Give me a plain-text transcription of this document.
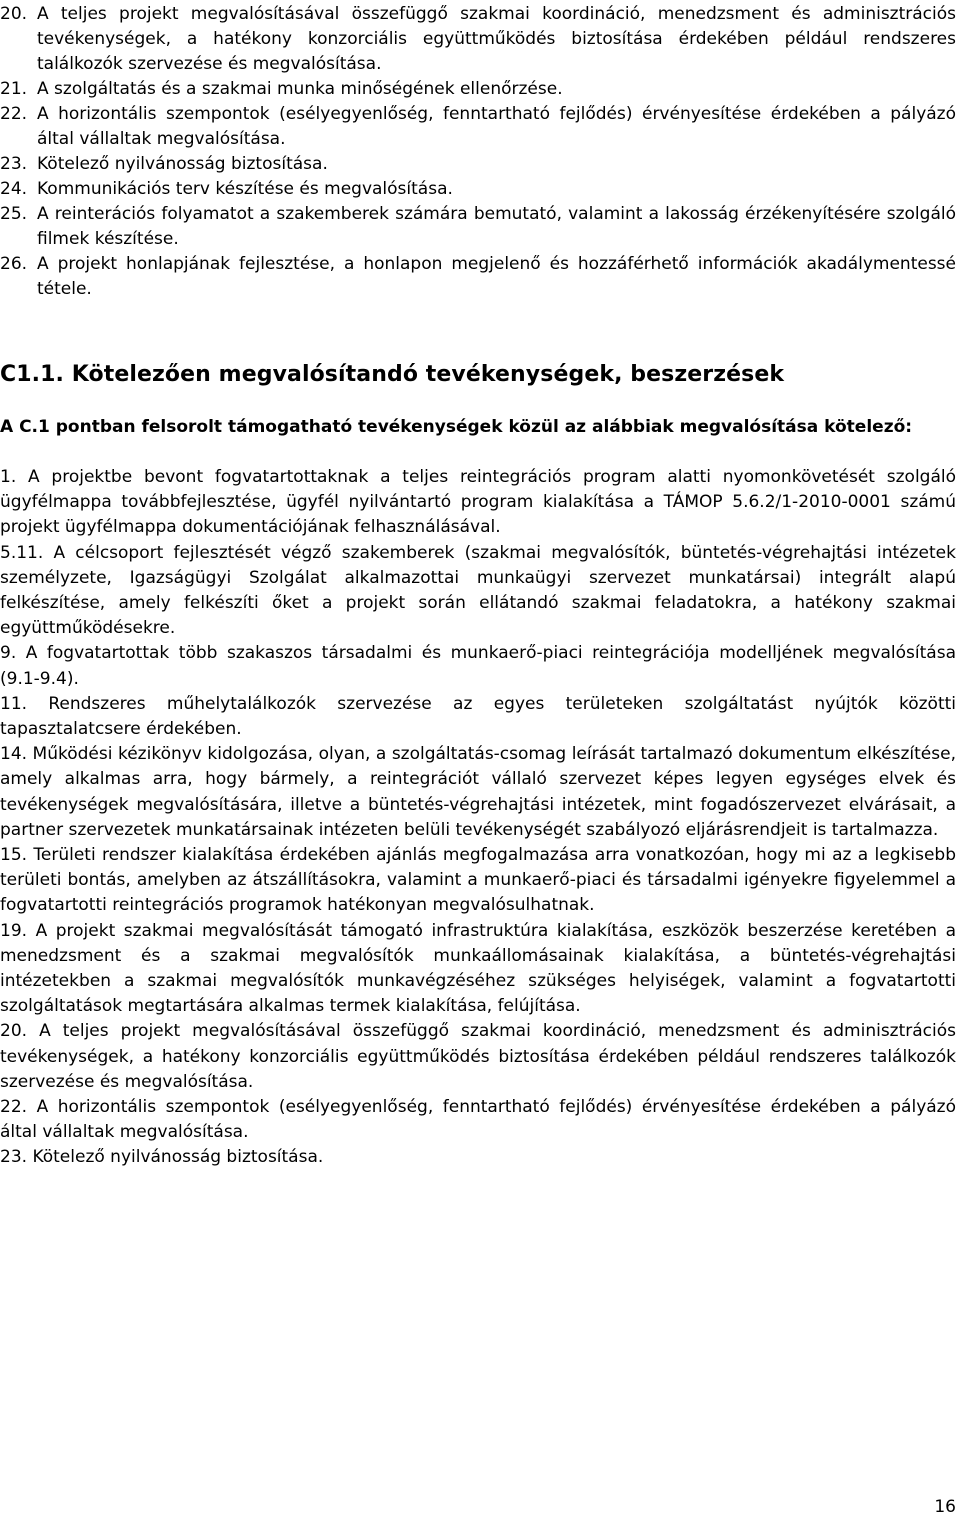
20. A teljes projekt megvalósításával összefüggő szakmai koordináció, menedzsment és adminisztrációs tevékenységek, a hatékony konzorciális együttműködés biztosítása érdekében például rendszeres találkozók szervezése és megvalósítása.

21. A szolgáltatás és a szakmai munka minőségének ellenőrzése.

22. A horizontális szempontok (esélyegyenlőség, fenntartható fejlődés) érvényesítése érdekében a pályázó által vállaltak megvalósítása.

23. Kötelező nyilvánosság biztosítása.

24. Kommunikációs terv készítése és megvalósítása.

25. A reinterációs folyamatot a szakemberek számára bemutató, valamint a lakosság érzékenyítésére szolgáló filmek készítése.

26. A projekt honlapjának fejlesztése, a honlapon megjelenő és hozzáférhető információk akadálymentessé tétele.

C1.1. Kötelezően megvalósítandó tevékenységek, beszerzések

A C.1 pontban felsorolt támogatható tevékenységek közül az alábbiak megvalósítása kötelező:

1. A projektbe bevont fogvatartottaknak a teljes reintegrációs program alatti nyomonkövetését szolgáló ügyfélmappa továbbfejlesztése, ügyfél nyilvántartó program kialakítása a TÁMOP 5.6.2/1-2010-0001 számú projekt ügyfélmappa dokumentációjának felhasználásával.

5.11. A célcsoport fejlesztését végző szakemberek (szakmai megvalósítók, büntetés-végrehajtási intézetek személyzete, Igazságügyi Szolgálat alkalmazottai munkaügyi szervezet munkatársai) integrált alapú felkészítése, amely felkészíti őket a projekt során ellátandó szakmai feladatokra, a hatékony szakmai együttműködésekre.

9. A fogvatartottak több szakaszos társadalmi és munkaerő-piaci reintegrációja modelljének megvalósítása (9.1-9.4).

11. Rendszeres műhelytalálkozók szervezése az egyes területeken szolgáltatást nyújtók közötti tapasztalatcsere érdekében.

14. Működési kézikönyv kidolgozása, olyan, a szolgáltatás-csomag leírását tartalmazó dokumentum elkészítése, amely alkalmas arra, hogy bármely, a reintegrációt vállaló szervezet képes legyen egységes elvek és tevékenységek megvalósítására, illetve a büntetés-végrehajtási intézetek, mint fogadószervezet elvárásait, a partner szervezetek munkatársainak intézeten belüli tevékenységét szabályozó eljárásrendjeit is tartalmazza.

15. Területi rendszer kialakítása érdekében ajánlás megfogalmazása arra vonatkozóan, hogy mi az a legkisebb területi bontás, amelyben az átszállításokra, valamint a munkaerő-piaci és társadalmi igényekre figyelemmel a fogvatartotti reintegrációs programok hatékonyan megvalósulhatnak.

19. A projekt szakmai megvalósítását támogató infrastruktúra kialakítása, eszközök beszerzése keretében a menedzsment és a szakmai megvalósítók munkaállomásainak kialakítása, a büntetés-végrehajtási intézetekben a szakmai megvalósítók munkavégzéséhez szükséges helyiségek, valamint a fogvatartotti szolgáltatások megtartására alkalmas termek kialakítása, felújítása.

20. A teljes projekt megvalósításával összefüggő szakmai koordináció, menedzsment és adminisztrációs tevékenységek, a hatékony konzorciális együttműködés biztosítása érdekében például rendszeres találkozók szervezése és megvalósítása.

22. A horizontális szempontok (esélyegyenlőség, fenntartható fejlődés) érvényesítése érdekében a pályázó által vállaltak megvalósítása.

23. Kötelező nyilvánosság biztosítása.

16
